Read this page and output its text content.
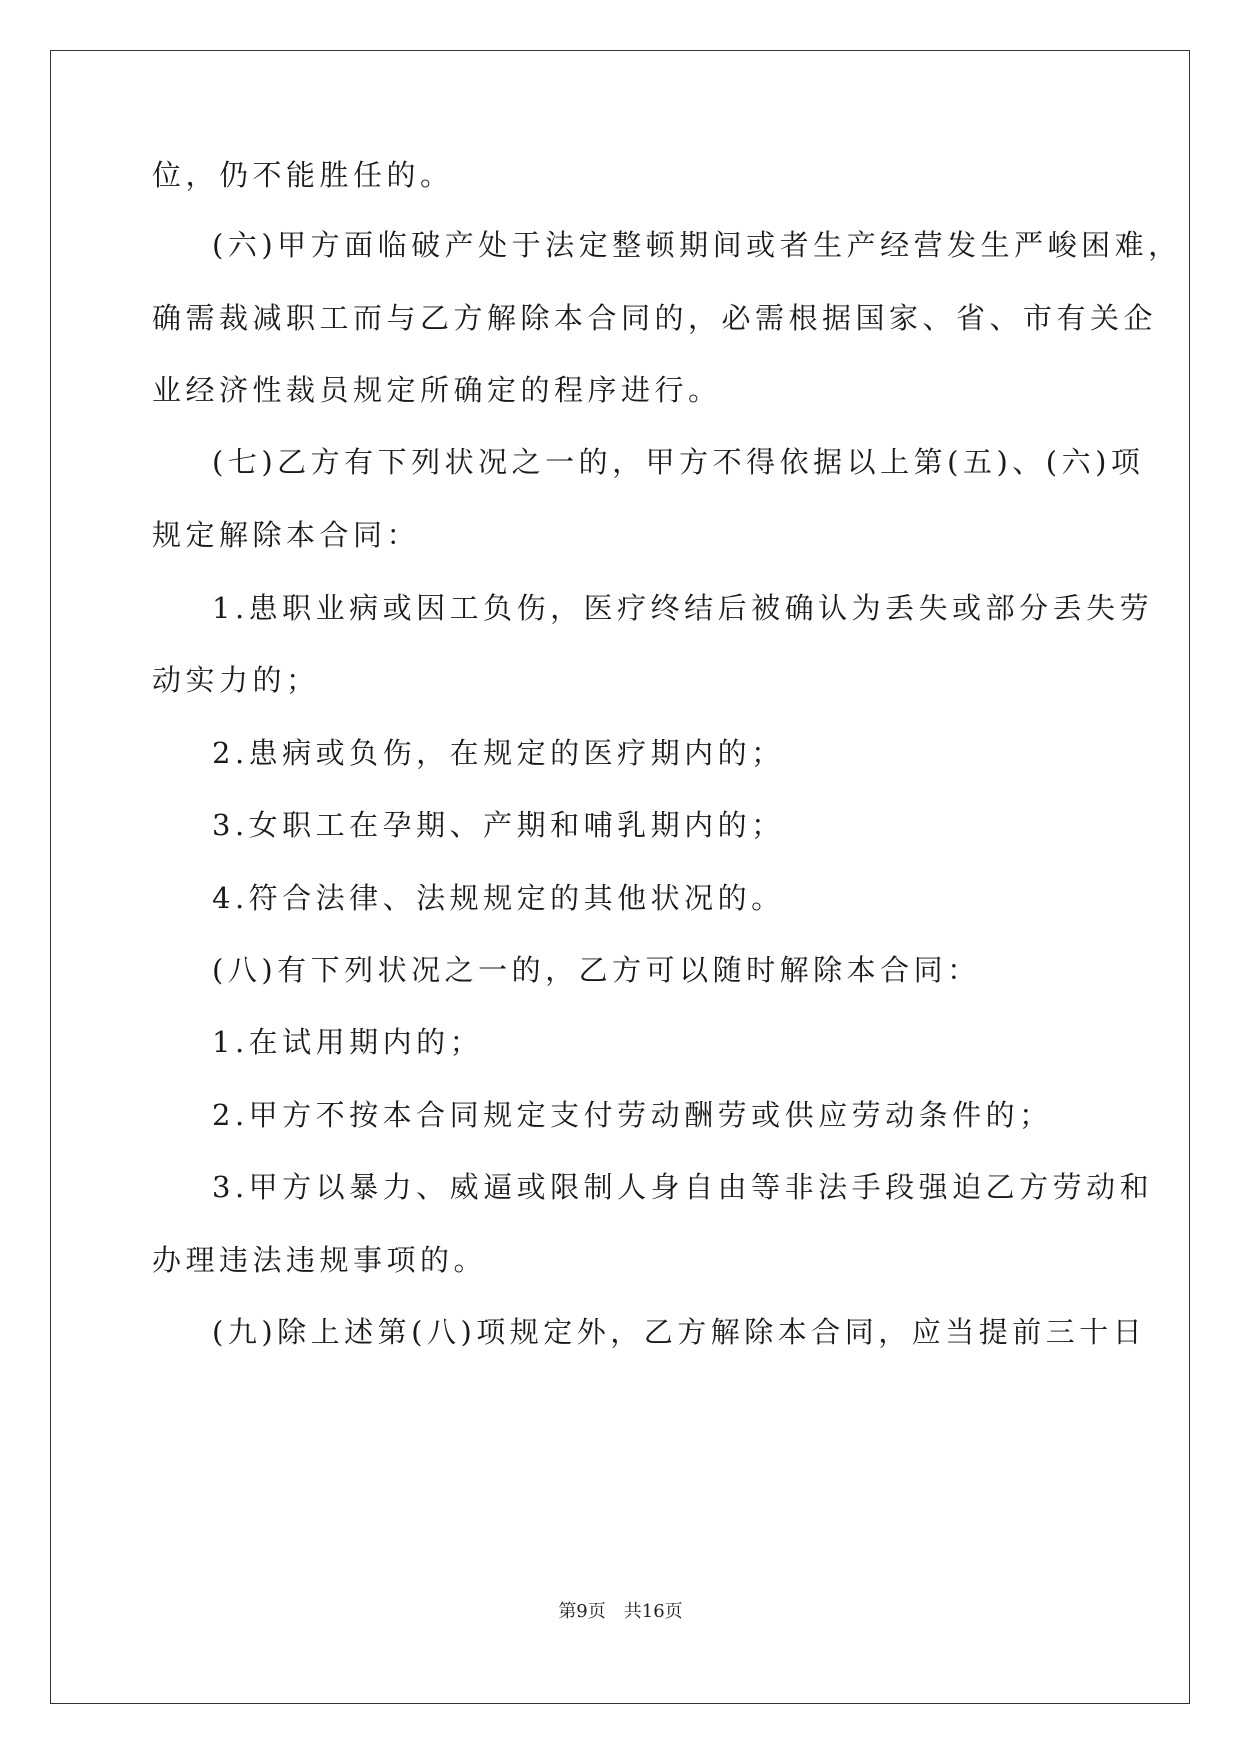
位，仍不能胜任的。
(六)甲方面临破产处于法定整顿期间或者生产经营发生严峻困难，
确需裁减职工而与乙方解除本合同的，必需根据国家、省、市有关企
业经济性裁员规定所确定的程序进行。
(七)乙方有下列状况之一的，甲方不得依据以上第(五)、(六)项
规定解除本合同：
1.患职业病或因工负伤，医疗终结后被确认为丢失或部分丢失劳
动实力的；
2.患病或负伤，在规定的医疗期内的；
3.女职工在孕期、产期和哺乳期内的；
4.符合法律、法规规定的其他状况的。
(八)有下列状况之一的，乙方可以随时解除本合同：
1.在试用期内的；
2.甲方不按本合同规定支付劳动酬劳或供应劳动条件的；
3.甲方以暴力、威逼或限制人身自由等非法手段强迫乙方劳动和
办理违法违规事项的。
(九)除上述第(八)项规定外，乙方解除本合同，应当提前三十日
第9页 共16页
